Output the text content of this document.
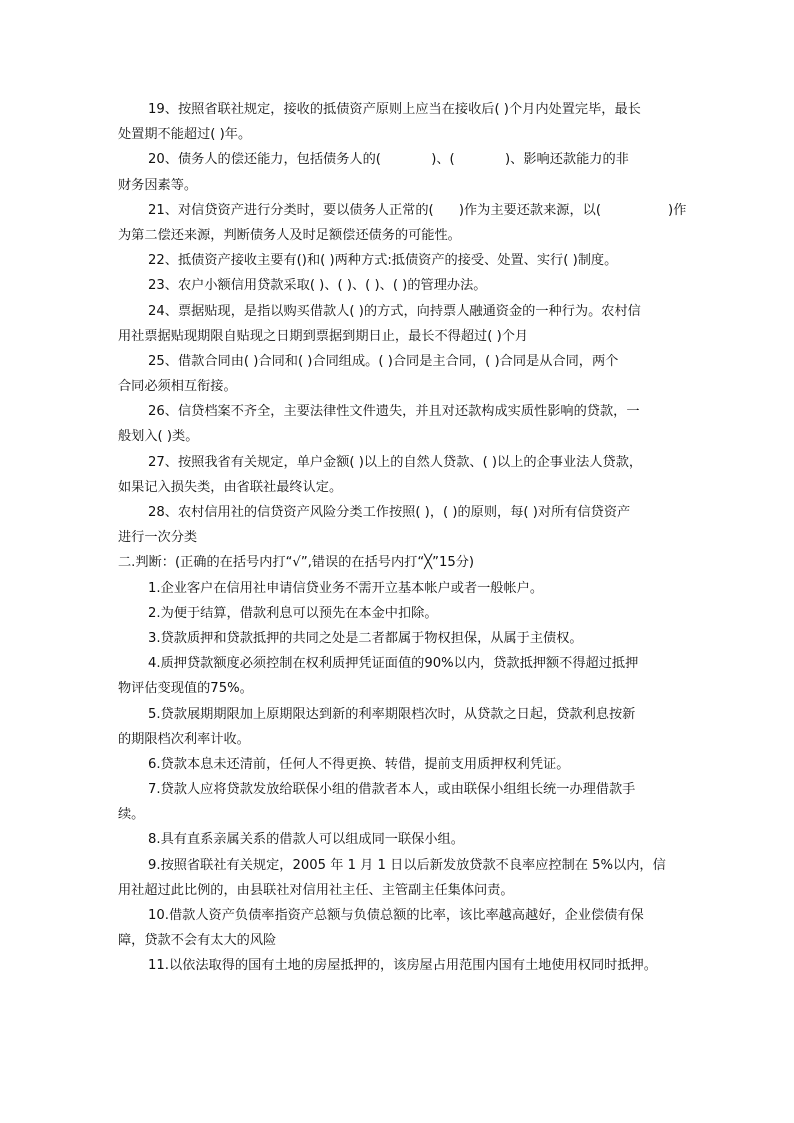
19、按照省联社规定，接收的抵债资产原则上应当在接收后( )个月内处置完毕，最长
处置期不能超过( )年。
20、债务人的偿还能力，包括债务人的(            )、(            )、影响还款能力的非
财务因素等。
21、对信贷资产进行分类时，要以债务人正常的(      )作为主要还款来源，以(                )作
为第二偿还来源，判断债务人及时足额偿还债务的可能性。
22、抵债资产接收主要有()和( )两种方式:抵债资产的接受、处置、实行( )制度。
23、农户小额信用贷款采取( )、( )、( )、( )的管理办法。
24、票据贴现，是指以购买借款人( )的方式，向持票人融通资金的一种行为。农村信
用社票据贴现期限自贴现之日期到票据到期日止，最长不得超过( )个月
25、借款合同由( )合同和( )合同组成。( )合同是主合同，( )合同是从合同，两个
合同必须相互衔接。
26、信贷档案不齐全，主要法律性文件遗失，并且对还款构成实质性影响的贷款，一
般划入( )类。
27、按照我省有关规定，单户金额( )以上的自然人贷款、( )以上的企事业法人贷款，
如果记入损失类，由省联社最终认定。
28、农村信用社的信贷资产风险分类工作按照( )，( )的原则，每( )对所有信贷资产
进行一次分类
二.判断：(正确的在括号内打“√”,错误的在括号内打“╳”15分)
1.企业客户在信用社申请信贷业务不需开立基本帐户或者一般帐户。
2.为便于结算，借款利息可以预先在本金中扣除。
3.贷款质押和贷款抵押的共同之处是二者都属于物权担保，从属于主债权。
4.质押贷款额度必须控制在权利质押凭证面值的90%以内，贷款抵押额不得超过抵押
物评估变现值的75%。
5.贷款展期期限加上原期限达到新的利率期限档次时，从贷款之日起，贷款利息按新
的期限档次利率计收。
6.贷款本息未还清前，任何人不得更换、转借，提前支用质押权利凭证。
7.贷款人应将贷款发放给联保小组的借款者本人，或由联保小组组长统一办理借款手
续。
8.具有直系亲属关系的借款人可以组成同一联保小组。
9.按照省联社有关规定，2005 年 1 月 1 日以后新发放贷款不良率应控制在 5%以内，信
用社超过此比例的，由县联社对信用社主任、主管副主任集体问责。
10.借款人资产负债率指资产总额与负债总额的比率，该比率越高越好，企业偿债有保
障，贷款不会有太大的风险
11.以依法取得的国有土地的房屋抵押的，该房屋占用范围内国有土地使用权同时抵押。
